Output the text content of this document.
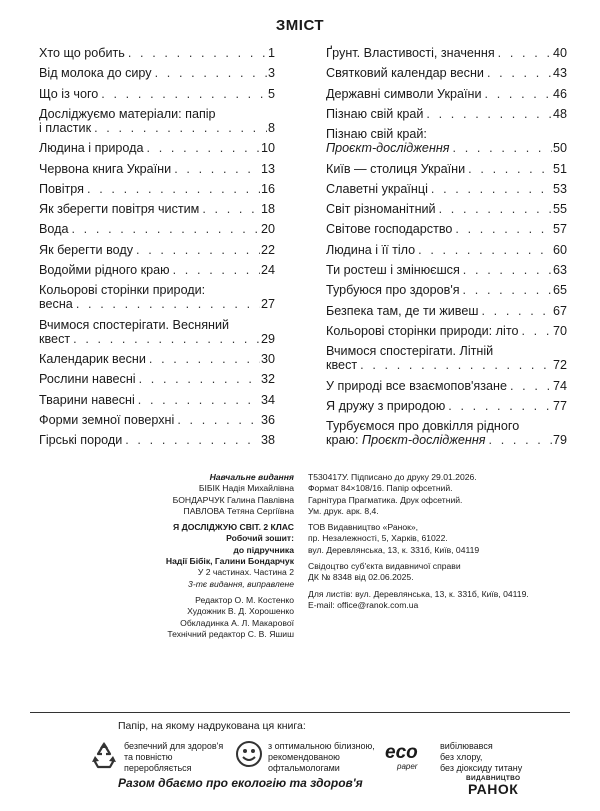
ЗМІСТ
Хто що робить . . .	1
Від молока до сиру . . .	3
Що із чого . . .	5
Досліджуємо матеріали: папір
і пластик . . .	8
Людина і природа . . .	10
Червона книга України . . .	13
Повітря . . .	16
Як зберегти повітря чистим . . .	18
Вода . . .	20
Як берегти воду . . .	22
Водойми рідного краю . . .	24
Кольорові сторінки природи:
весна . . .	27
Вчимося спостерігати. Весняний
квест . . .	29
Календарик весни . . .	30
Рослини навесні . . .	32
Тварини навесні . . .	34
Форми земної поверхні . . .	36
Гірські породи . . .	38
Ґрунт. Властивості, значення . . .	40
Святковий календар весни . . .	43
Державні символи України . . .	46
Пізнаю свій край . . .	48
Пізнаю свій край:
Проєкт-дослідження . . .	50
Київ — столиця України . . .	51
Славетні українці . . .	53
Світ різноманітний . . .	55
Світове господарство . . .	57
Людина і її тіло . . .	60
Ти ростеш і змінюєшся . . .	63
Турбуюся про здоров'я . . .	65
Безпека там, де ти живеш . . .	67
Кольорові сторінки природи: літо . . .	70
Вчимося спостерігати. Літній
квест . . .	72
У природі все взаємопов'язане . . .	74
Я дружу з природою . . .	77
Турбуємося про довкілля рідного
краю: Проєкт-дослідження . . .	79
Навчальне видання
БІБІК Надія Михайлівна
БОНДАРЧУК Галина Павлівна
ПАВЛОВА Тетяна Сергіївна
Я ДОСЛІДЖУЮ СВІТ. 2 КЛАС
Робочий зошит:
до підручника
Надії Бібік, Галини Бондарчук
У 2 частинах. Частина 2
3-тє видання, виправлене
Редактор О. М. Костенко
Художник В. Д. Хорошенко
Обкладинка А. Л. Макарової
Технічний редактор С. В. Яшиш
Т530417У. Підписано до друку 29.01.2026.
Формат 84×108/16. Папір офсетний.
Гарнітура Прагматика. Друк офсетний.
Ум. друк. арк. 8,4.
ТОВ Видавництво «Ранок»,
пр. Незалежності, 5, Харків, 61022.
вул. Деревлянська, 13, к. 331б, Київ, 04119
Свідоцтво суб'єкта видавничої справи
ДК № 8348 від 02.06.2025.
Для листів: вул. Деревлянська, 13, к. 331б, Київ, 04119.
E-mail: office@ranok.com.ua
Папір, на якому надрукована ця книга:
безпечний для здоров'я
та повністю
переробляється
з оптимальною білизною,
рекомендованою
офтальмологами
eco
paper
вибілювався
без хлору,
без діоксиду титану
Разом дбаємо про екологію та здоров'я	ВИДАВНИЦТВО
РАНОК
